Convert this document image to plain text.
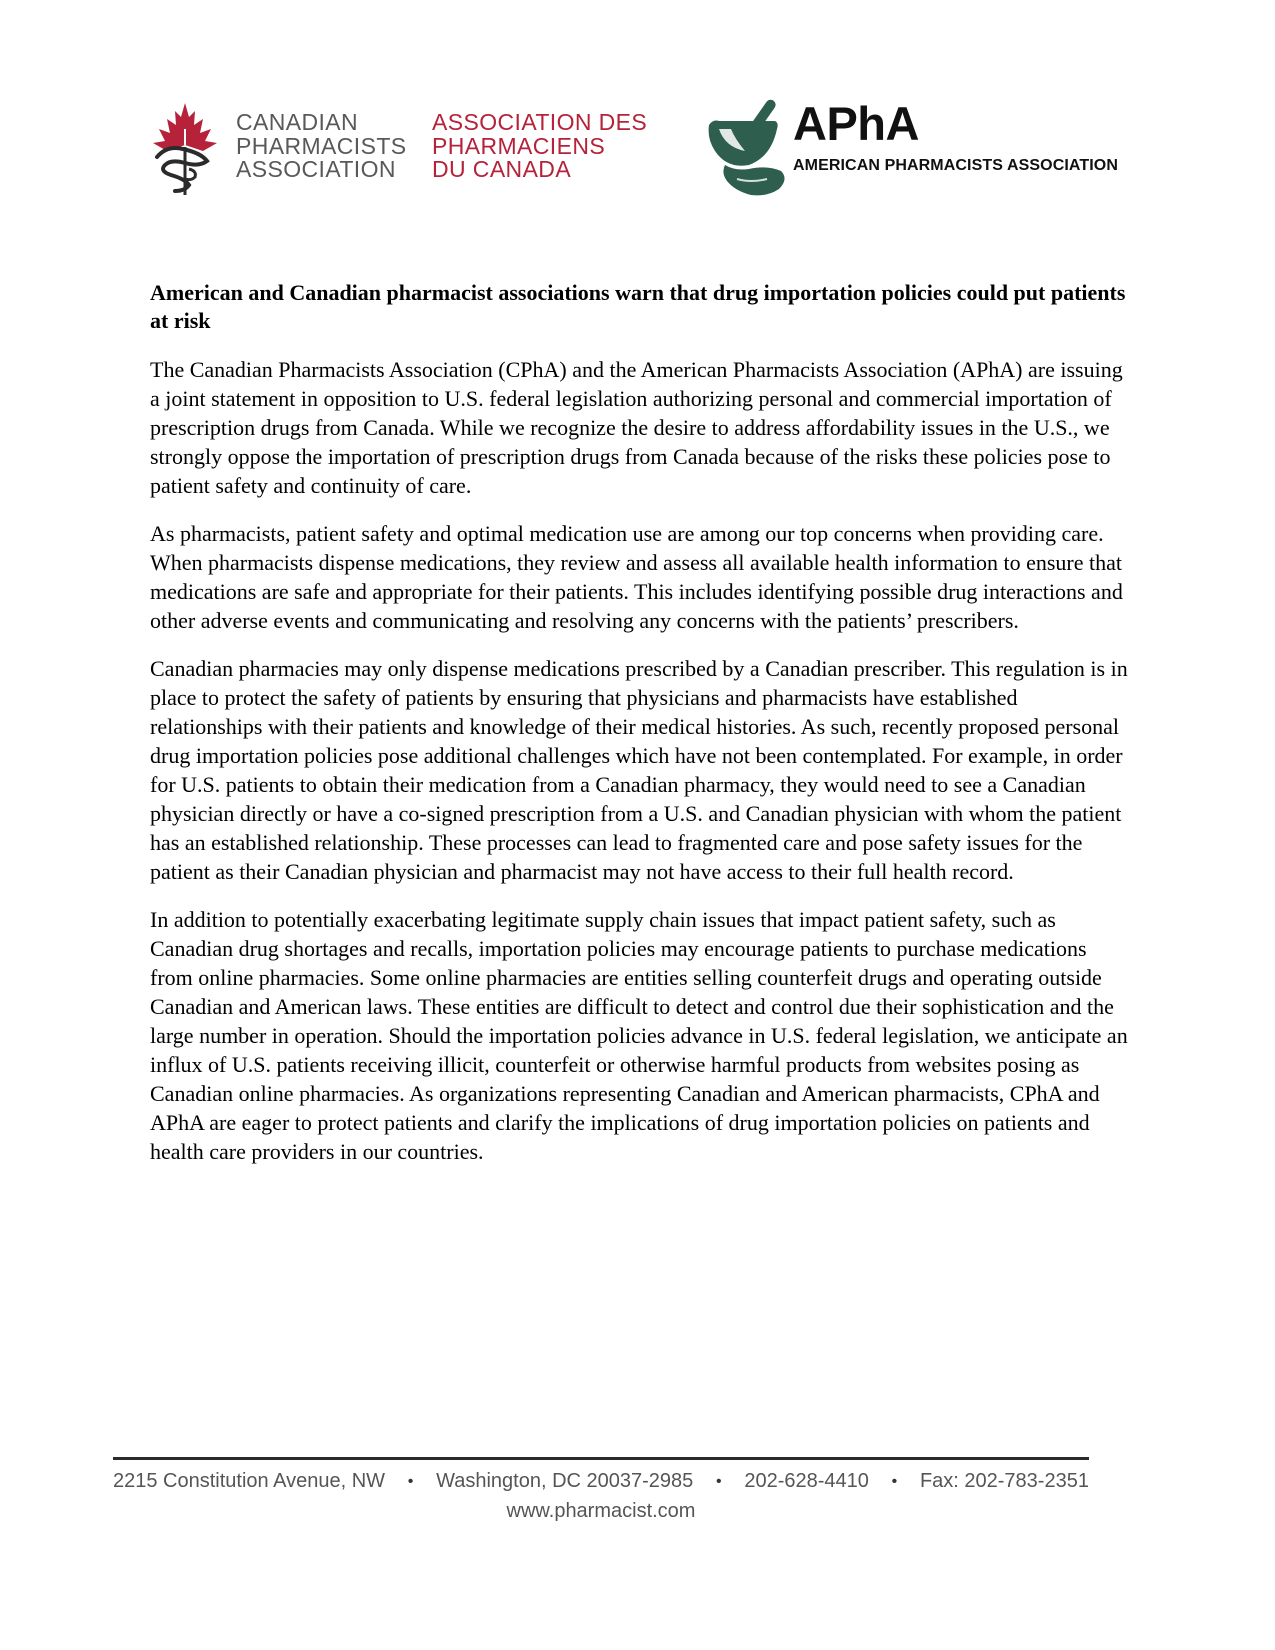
CANADIAN
PHARMACISTS
ASSOCIATION
ASSOCIATION DES
PHARMACIENS
DU CANADA
APhA
AMERICAN PHARMACISTS ASSOCIATION
American and Canadian pharmacist associations warn that drug importation policies could put patients at risk

The Canadian Pharmacists Association (CPhA) and the American Pharmacists Association (APhA) are issuing a joint statement in opposition to U.S. federal legislation authorizing personal and commercial importation of prescription drugs from Canada. While we recognize the desire to address affordability issues in the U.S., we strongly oppose the importation of prescription drugs from Canada because of the risks these policies pose to patient safety and continuity of care.

As pharmacists, patient safety and optimal medication use are among our top concerns when providing care. When pharmacists dispense medications, they review and assess all available health information to ensure that medications are safe and appropriate for their patients. This includes identifying possible drug interactions and other adverse events and communicating and resolving any concerns with the patients’ prescribers.

Canadian pharmacies may only dispense medications prescribed by a Canadian prescriber. This regulation is in place to protect the safety of patients by ensuring that physicians and pharmacists have established relationships with their patients and knowledge of their medical histories. As such, recently proposed personal drug importation policies pose additional challenges which have not been contemplated. For example, in order for U.S. patients to obtain their medication from a Canadian pharmacy, they would need to see a Canadian physician directly or have a co-signed prescription from a U.S. and Canadian physician with whom the patient has an established relationship. These processes can lead to fragmented care and pose safety issues for the patient as their Canadian physician and pharmacist may not have access to their full health record.

In addition to potentially exacerbating legitimate supply chain issues that impact patient safety, such as Canadian drug shortages and recalls, importation policies may encourage patients to purchase medications from online pharmacies. Some online pharmacies are entities selling counterfeit drugs and operating outside Canadian and American laws. These entities are difficult to detect and control due their sophistication and the large number in operation. Should the importation policies advance in U.S. federal legislation, we anticipate an influx of U.S. patients receiving illicit, counterfeit or otherwise harmful products from websites posing as Canadian online pharmacies. As organizations representing Canadian and American pharmacists, CPhA and APhA are eager to protect patients and clarify the implications of drug importation policies on patients and health care providers in our countries.

2215 Constitution Avenue, NW • Washington, DC 20037-2985 • 202-628-4410 • Fax: 202-783-2351
www.pharmacist.com
